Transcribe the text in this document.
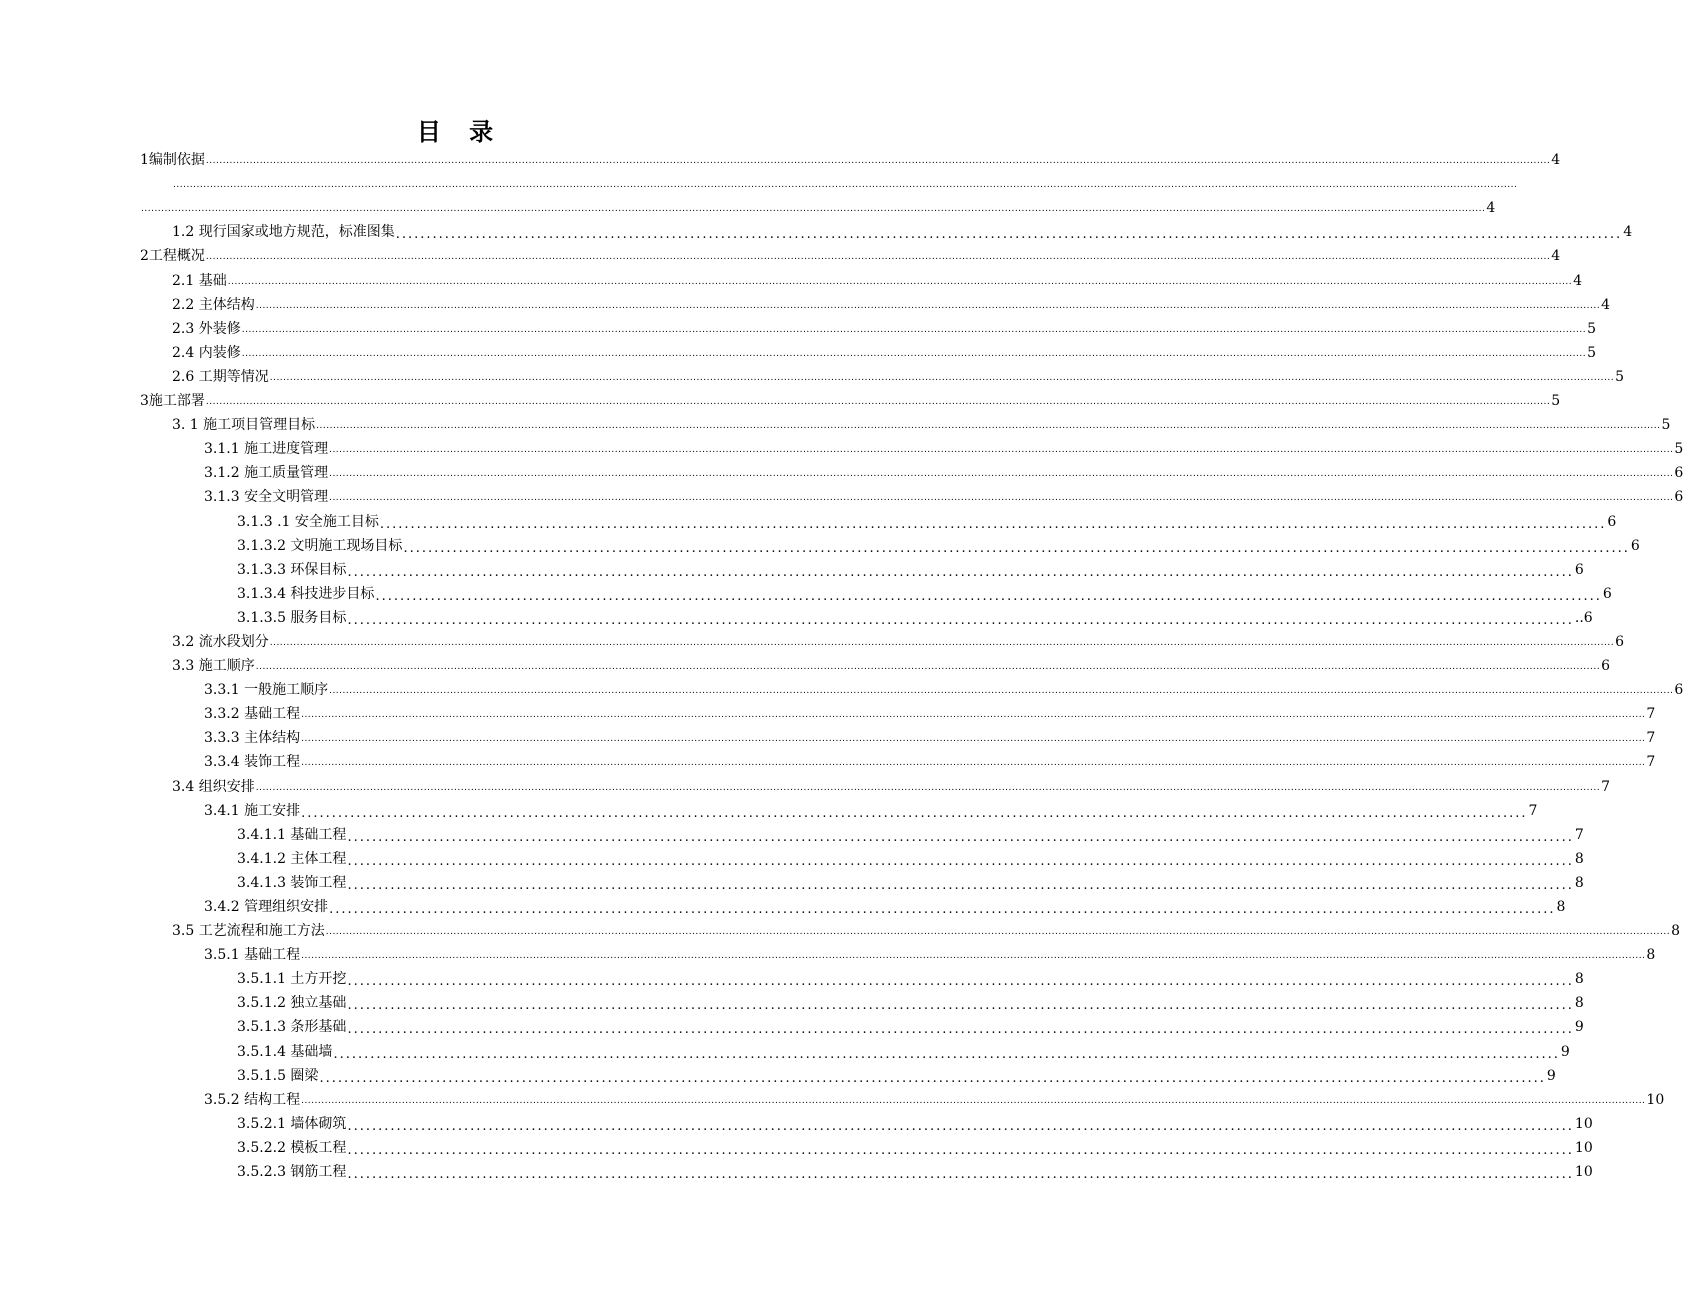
目 录
1 编制依据 ................................................................................................................................................................................................................................................................................................................................................................................................................ 4
................................................................................................................................................................................................................................................................................................................................................................................................................
................................................................................................................................................................................................................................................................................................................................................................................................................ 4
1.2 现行国家或地方规范，标准图集 ........................................................................................................................................................................................................ 4
2 工程概况 ................................................................................................................................................................................................................................................................................................................................................................................................................ 4
2.1 基础 ................................................................................................................................................................................................................................................................................................................................................................................................................ 4
2.2 主体结构 ................................................................................................................................................................................................................................................................................................................................................................................................................ 4
2.3 外装修 ................................................................................................................................................................................................................................................................................................................................................................................................................ 5
2.4 内装修 ................................................................................................................................................................................................................................................................................................................................................................................................................ 5
2.6 工期等情况 ................................................................................................................................................................................................................................................................................................................................................................................................................ 5
3 施工部署 ................................................................................................................................................................................................................................................................................................................................................................................................................ 5
3. 1 施工项目管理目标 ................................................................................................................................................................................................................................................................................................................................................................................................................ 5
3.1.1 施工进度管理 ................................................................................................................................................................................................................................................................................................................................................................................................................ 5
3.1.2 施工质量管理 ................................................................................................................................................................................................................................................................................................................................................................................................................ 6
3.1.3 安全文明管理 ................................................................................................................................................................................................................................................................................................................................................................................................................ 6
3.1.3 .1 安全施工目标 ........................................................................................................................................................................................................ 6
3.1.3.2 文明施工现场目标 ........................................................................................................................................................................................................ 6
3.1.3.3 环保目标 ........................................................................................................................................................................................................ 6
3.1.3.4 科技进步目标 ........................................................................................................................................................................................................ 6
3.1.3.5 服务目标 ........................................................................................................................................................................................................ ..6
3.2 流水段划分 ................................................................................................................................................................................................................................................................................................................................................................................................................ 6
3.3 施工顺序 ................................................................................................................................................................................................................................................................................................................................................................................................................ 6
3.3.1 一般施工顺序 ................................................................................................................................................................................................................................................................................................................................................................................................................ 6
3.3.2 基础工程 ................................................................................................................................................................................................................................................................................................................................................................................................................ 7
3.3.3 主体结构 ................................................................................................................................................................................................................................................................................................................................................................................................................ 7
3.3.4 装饰工程 ................................................................................................................................................................................................................................................................................................................................................................................................................ 7
3.4 组织安排 ................................................................................................................................................................................................................................................................................................................................................................................................................ 7
3.4.1 施工安排 ........................................................................................................................................................................................................ 7
3.4.1.1 基础工程 ........................................................................................................................................................................................................ 7
3.4.1.2 主体工程 ........................................................................................................................................................................................................ 8
3.4.1.3 装饰工程 ........................................................................................................................................................................................................ 8
3.4.2 管理组织安排 ........................................................................................................................................................................................................ 8
3.5 工艺流程和施工方法 ................................................................................................................................................................................................................................................................................................................................................................................................................ 8
3.5.1 基础工程 ................................................................................................................................................................................................................................................................................................................................................................................................................ 8
3.5.1.1 土方开挖 ........................................................................................................................................................................................................ 8
3.5.1.2 独立基础 ........................................................................................................................................................................................................ 8
3.5.1.3 条形基础 ........................................................................................................................................................................................................ 9
3.5.1.4 基础墙 ........................................................................................................................................................................................................ 9
3.5.1.5 圈梁 ........................................................................................................................................................................................................ 9
3.5.2 结构工程 ................................................................................................................................................................................................................................................................................................................................................................................................................ 10
3.5.2.1 墙体砌筑 ........................................................................................................................................................................................................ 10
3.5.2.2 模板工程 ........................................................................................................................................................................................................ 10
3.5.2.3 钢筋工程 ........................................................................................................................................................................................................ 10
